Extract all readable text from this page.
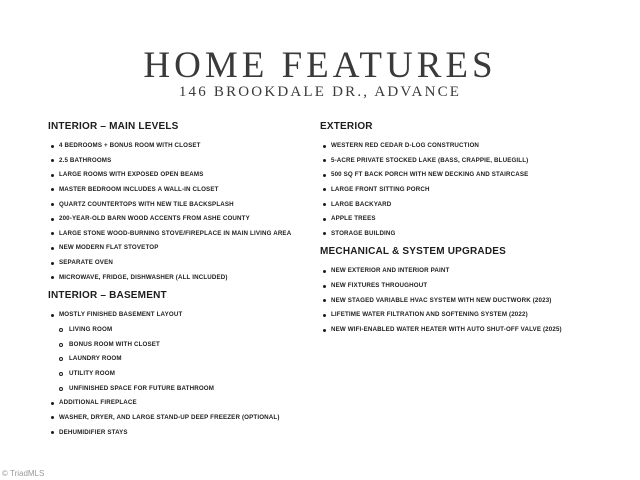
HOME FEATURES
146 BROOKDALE DR., ADVANCE
INTERIOR – MAIN LEVELS
4 BEDROOMS + BONUS ROOM WITH CLOSET
2.5 BATHROOMS
LARGE ROOMS WITH EXPOSED OPEN BEAMS
MASTER BEDROOM INCLUDES A WALL-IN CLOSET
QUARTZ COUNTERTOPS WITH NEW TILE BACKSPLASH
200-YEAR-OLD BARN WOOD ACCENTS FROM ASHE COUNTY
LARGE STONE WOOD-BURNING STOVE/FIREPLACE IN MAIN LIVING AREA
NEW MODERN FLAT STOVETOP
SEPARATE OVEN
MICROWAVE, FRIDGE, DISHWASHER (ALL INCLUDED)
INTERIOR – BASEMENT
MOSTLY FINISHED BASEMENT LAYOUT
LIVING ROOM
BONUS ROOM WITH CLOSET
LAUNDRY ROOM
UTILITY ROOM
UNFINISHED SPACE FOR FUTURE BATHROOM
ADDITIONAL FIREPLACE
WASHER, DRYER, AND LARGE STAND-UP DEEP FREEZER (OPTIONAL)
DEHUMIDIFIER STAYS
EXTERIOR
WESTERN RED CEDAR D-LOG CONSTRUCTION
5-ACRE PRIVATE STOCKED LAKE (BASS, CRAPPIE, BLUEGILL)
500 SQ FT BACK PORCH WITH NEW DECKING AND STAIRCASE
LARGE FRONT SITTING PORCH
LARGE BACKYARD
APPLE TREES
STORAGE BUILDING
MECHANICAL & SYSTEM UPGRADES
NEW EXTERIOR AND INTERIOR PAINT
NEW FIXTURES THROUGHOUT
NEW STAGED VARIABLE HVAC SYSTEM WITH NEW DUCTWORK (2023)
LIFETIME WATER FILTRATION AND SOFTENING SYSTEM (2022)
NEW WIFI-ENABLED WATER HEATER WITH AUTO SHUT-OFF VALVE (2025)
© TriadMLS
